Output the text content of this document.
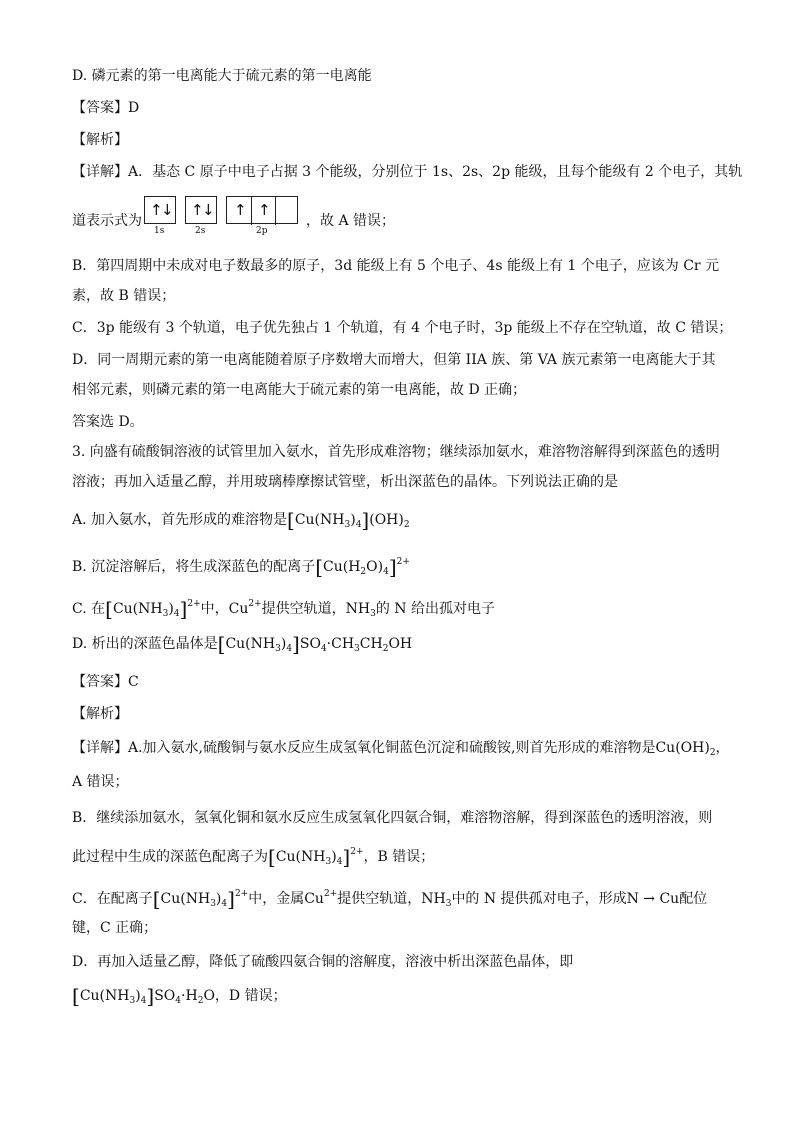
D. 磷元素的第一电离能大于硫元素的第一电离能
【答案】D
【解析】
【详解】A．基态 C 原子中电子占据 3 个能级，分别位于 1s、2s、2p 能级，且每个能级有 2 个电子，其轨
道表示式为
↑
↓
1s
↑
↓
2s
↑ ↑
2p
，故 A 错误；
B．第四周期中未成对电子数最多的原子，3d 能级上有 5 个电子、4s 能级上有 1 个电子，应该为 Cr 元
素，故 B 错误；
C．3p 能级有 3 个轨道，电子优先独占 1 个轨道，有 4 个电子时，3p 能级上不存在空轨道，故 C 错误；
D．同一周期元素的第一电离能随着原子序数增大而增大，但第 IIA 族、第 VA 族元素第一电离能大于其
相邻元素，则磷元素的第一电离能大于硫元素的第一电离能，故 D 正确；
答案选 D。
3. 向盛有硫酸铜溶液的试管里加入氨水，首先形成难溶物；继续添加氨水，难溶物溶解得到深蓝色的透明
溶液；再加入适量乙醇，并用玻璃棒摩擦试管壁，析出深蓝色的晶体。下列说法正确的是
A. 加入氨水，首先形成的难溶物是$[Cu(NH_3)_4](OH)_2$
B. 沉淀溶解后，将生成深蓝色的配离子$[Cu(H_2O)_4]^{2+}$
C. 在$[Cu(NH_3)_4]^{2+}$中，$Cu^{2+}$提供空轨道，$NH_3$的 N 给出孤对电子
D. 析出的深蓝色晶体是$[Cu(NH_3)_4]SO_4\cdot CH_3CH_2OH$
【答案】C
【解析】
【详解】A.加入氨水,硫酸铜与氨水反应生成氢氧化铜蓝色沉淀和硫酸铵,则首先形成的难溶物是$Cu(OH)_2$，
A 错误；
B．继续添加氨水，氢氧化铜和氨水反应生成氢氧化四氨合铜，难溶物溶解，得到深蓝色的透明溶液，则
此过程中生成的深蓝色配离子为$[Cu(NH_3)_4]^{2+}$，B 错误；
C．在配离子$[Cu(NH_3)_4]^{2+}$中，金属$Cu^{2+}$提供空轨道，$NH_3$中的 N 提供孤对电子，形成N → Cu配位
键，C 正确；
D．再加入适量乙醇，降低了硫酸四氨合铜的溶解度，溶液中析出深蓝色晶体，即
$[Cu(NH_3)_4]SO_4\cdot H_2O$，D 错误；
